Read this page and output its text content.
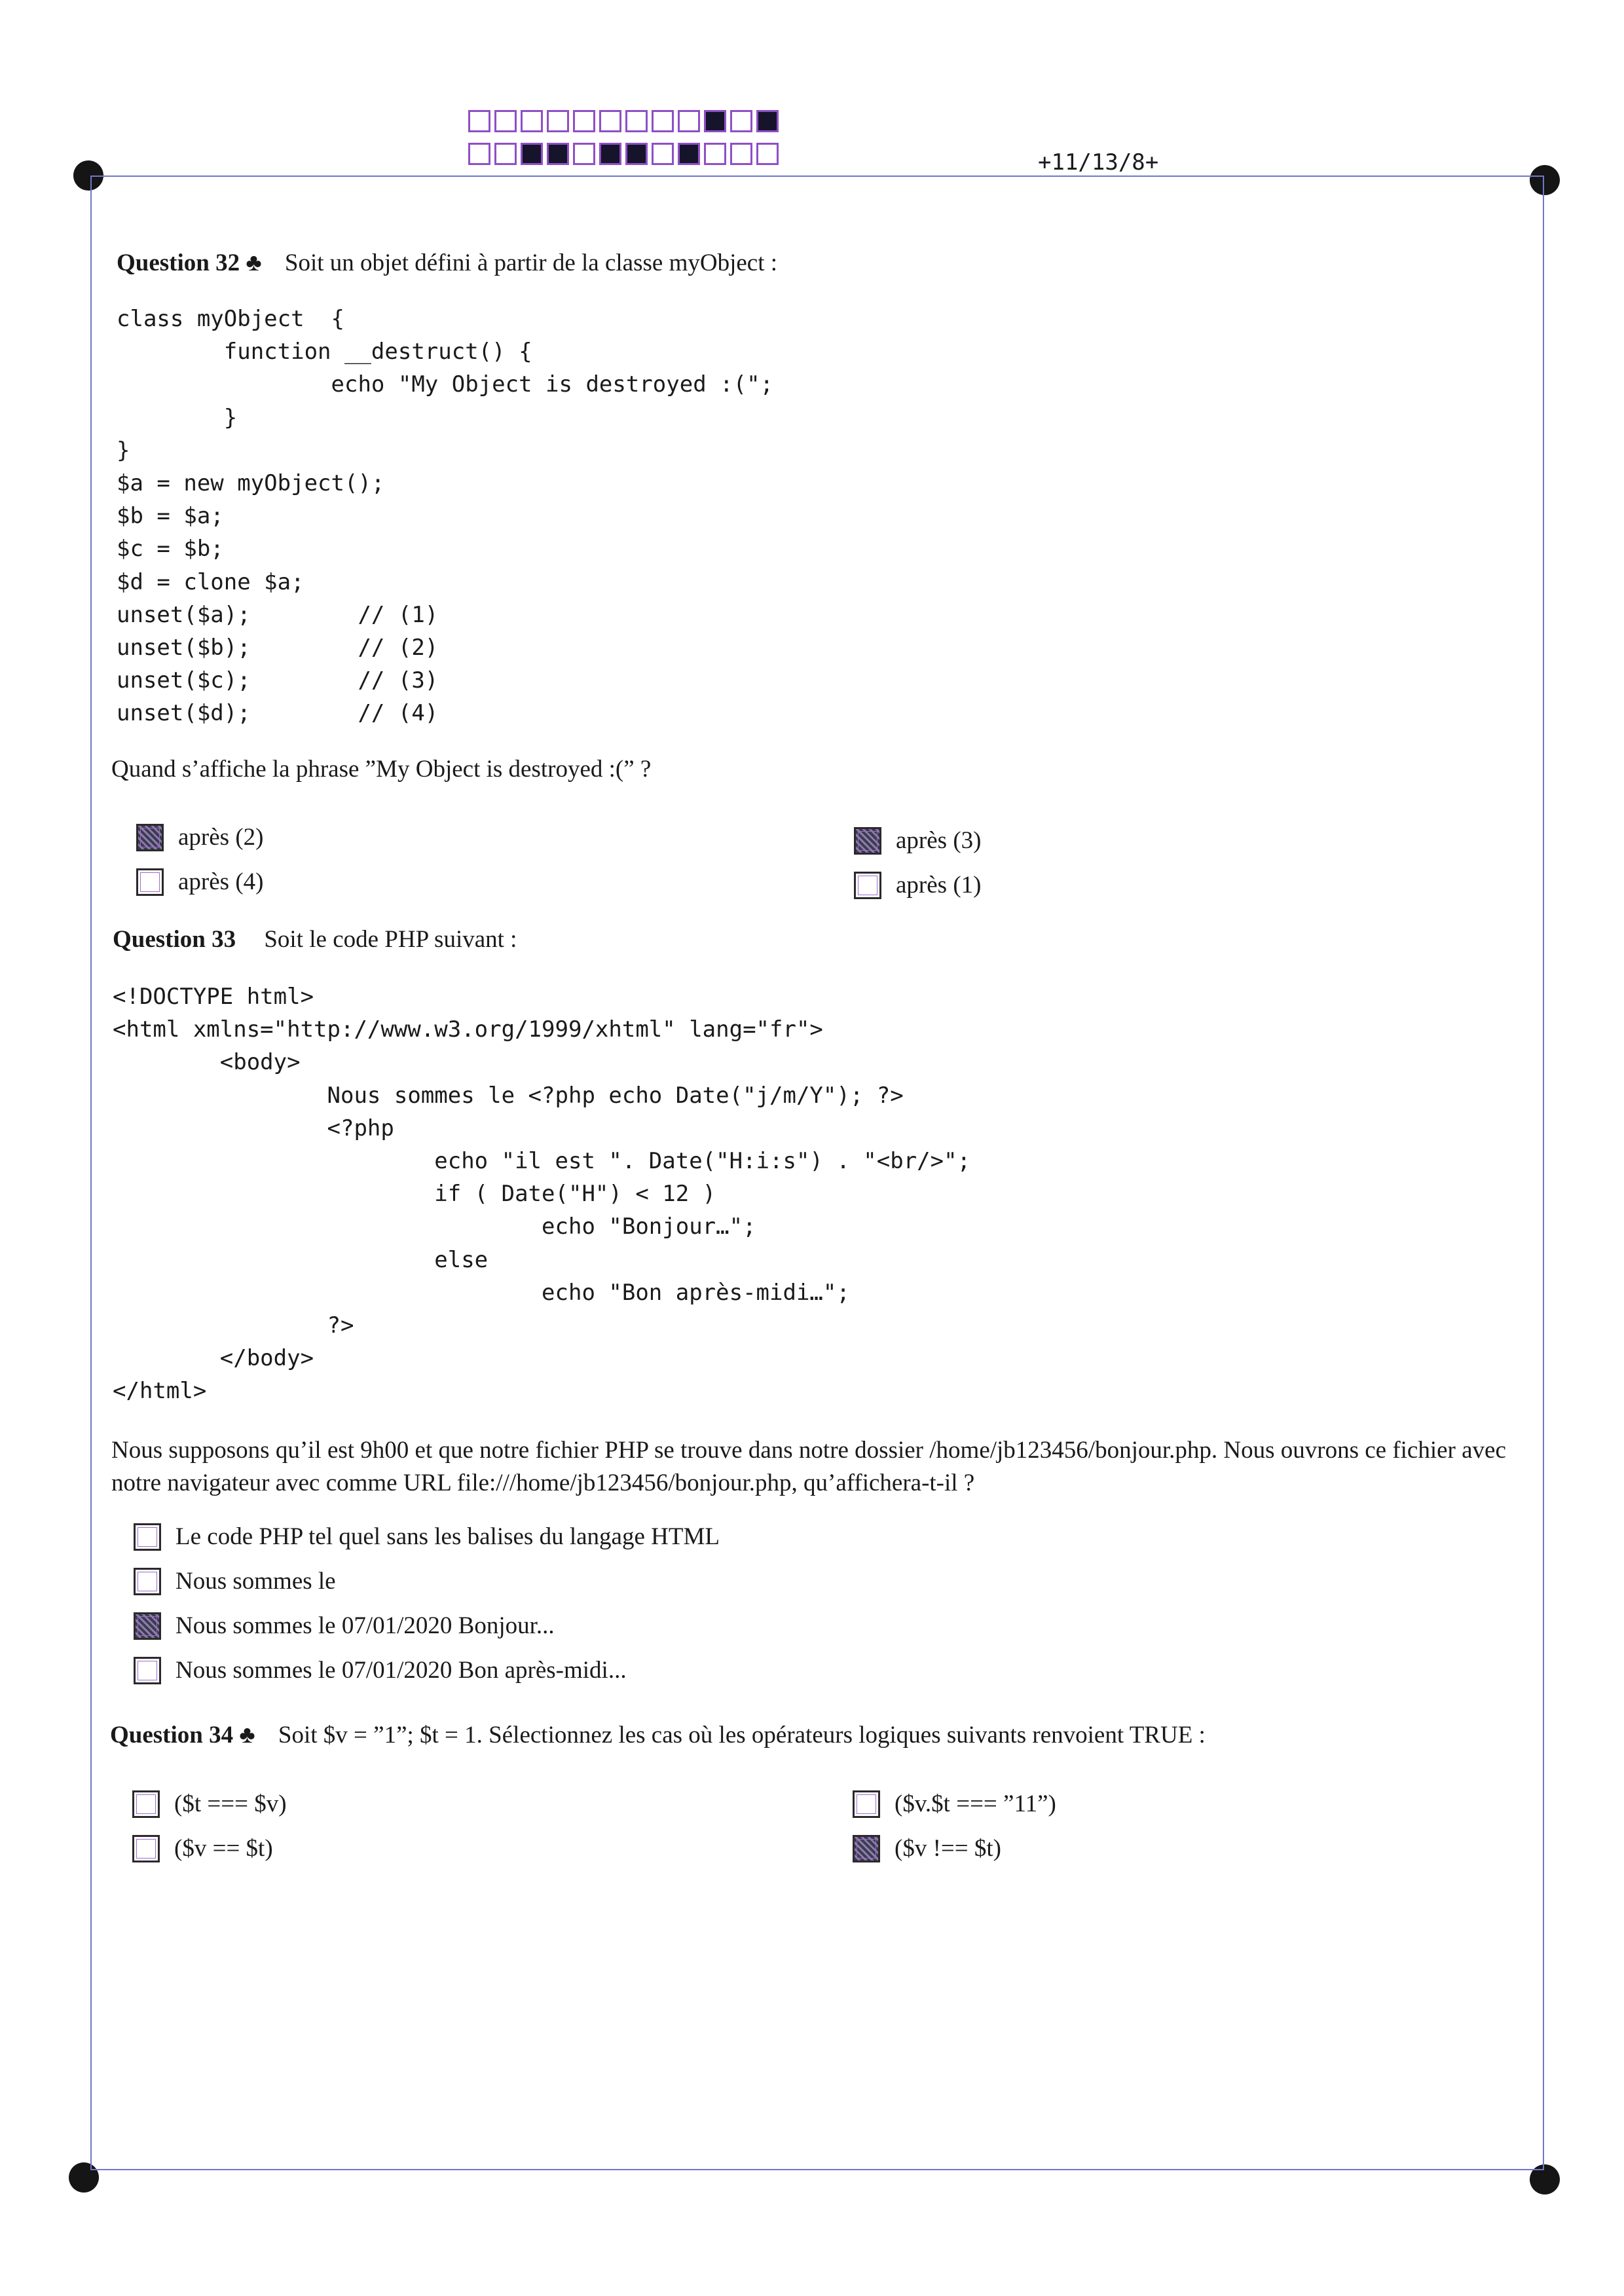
+11/13/8+
Question 32 ♣ Soit un objet défini à partir de la classe myObject :
class myObject  {
function __destruct() {
echo "My Object is destroyed :(";
}
}
$a = new myObject();
$b = $a;
$c = $b;
$d = clone $a;
unset($a);        // (1)
unset($b);        // (2)
unset($c);        // (3)
unset($d);        // (4)
Quand s’affiche la phrase ”My Object is destroyed :(” ?
après (2)
après (4)
après (3)
après (1)
Question 33 Soit le code PHP suivant :
<!DOCTYPE html>
<html xmlns="http://www.w3.org/1999/xhtml" lang="fr">
<body>
Nous sommes le <?php echo Date("j/m/Y"); ?>
<?php
echo "il est ". Date("H:i:s") . "<br/>";
if ( Date("H") < 12 )
echo "Bonjour…";
else
echo "Bon après-midi…";
?>
</body>
</html>
Nous supposons qu’il est 9h00 et que notre fichier PHP se trouve dans notre dossier /home/jb123456/bonjour.php. Nous ouvrons ce fichier avec notre navigateur avec comme URL file:///home/jb123456/bonjour.php, qu’affichera-t-il ?
Le code PHP tel quel sans les balises du langage HTML
Nous sommes le
Nous sommes le 07/01/2020 Bonjour...
Nous sommes le 07/01/2020 Bon après-midi...
Question 34 ♣ Soit $v = ”1”; $t = 1. Sélectionnez les cas où les opérateurs logiques suivants renvoient TRUE :
($t === $v)
($v == $t)
($v.$t === ”11”)
($v !== $t)
